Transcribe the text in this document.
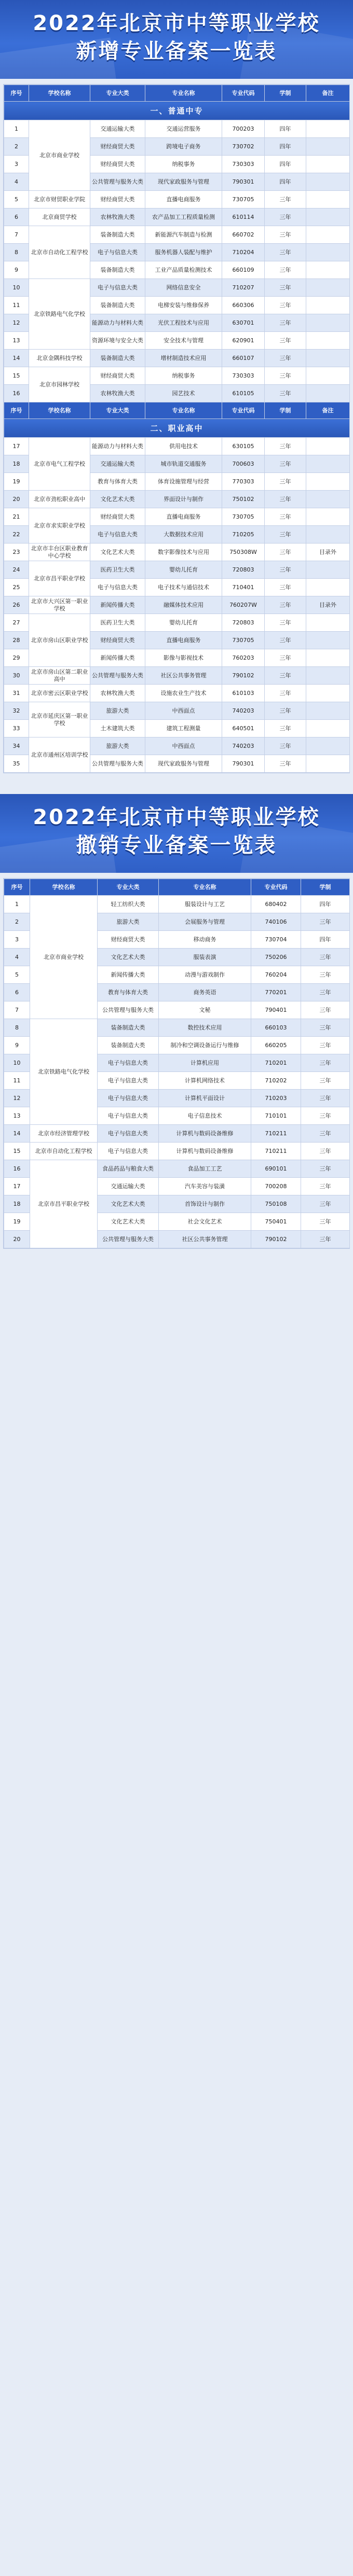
2022年北京市中等职业学校
新增专业备案一览表
序号	学校名称	专业大类	专业名称	专业代码	学制	备注
一、普通中专						
1	北京市商业学校	交通运输大类	交通运营服务	700203	四年	
2		财经商贸大类	跨境电子商务	730702	四年	
3		财经商贸大类	纳税事务	730303	四年	
4		公共管理与服务大类	现代家政服务与管理	790301	四年	
5	北京市财贸职业学院	财经商贸大类	直播电商服务	730705	三年	
6	北京商贸学校	农林牧渔大类	农产品加工工程质量检测	610114	三年	
7	北京市自动化工程学校	装备制造大类	新能源汽车制造与检测	660702	三年	
8		电子与信息大类	服务机器人装配与维护	710204	三年	
9		装备制造大类	工业产品质量检测技术	660109	三年	
10	北京铁路电气化学校	电子与信息大类	网络信息安全	710207	三年	
11		装备制造大类	电梯安装与维修保养	660306	三年	
12		能源动力与材料大类	光伏工程技术与应用	630701	三年	
13		资源环境与安全大类	安全技术与管理	620901	三年	
14	北京金隅科技学校	装备制造大类	增材制造技术应用	660107	三年	
15	北京市园林学校	财经商贸大类	纳税事务	730303	三年	
16		农林牧渔大类	园艺技术	610105	三年	
序号	学校名称	专业大类	专业名称	专业代码	学制	备注
二、职业高中						
17	北京市电气工程学校	能源动力与材料大类	供用电技术	630105	三年	
18		交通运输大类	城市轨道交通服务	700603	三年	
19		教育与体育大类	体育设施管理与经营	770303	三年	
20	北京市劲松职业高中	文化艺术大类	界面设计与制作	750102	三年	
21	北京市求实职业学校	财经商贸大类	直播电商服务	730705	三年	
22		电子与信息大类	大数据技术应用	710205	三年	
23	北京市丰台区职业教育中心学校	文化艺术大类	数字影像技术与应用	750308W	三年	目录外
24	北京市昌平职业学校	医药卫生大类	婴幼儿托育	720803	三年	
25		电子与信息大类	电子技术与通信技术	710401	三年	
26	北京市大兴区第一职业学校	新闻传播大类	融媒体技术应用	760207W	三年	目录外
27	北京市房山区职业学校	医药卫生大类	婴幼儿托育	720803	三年	
28		财经商贸大类	直播电商服务	730705	三年	
29		新闻传播大类	影像与影视技术	760203	三年	
30	北京市房山区第二职业高中	公共管理与服务大类	社区公共事务管理	790102	三年	
31	北京市密云区职业学校	农林牧渔大类	设施农业生产技术	610103	三年	
32	北京市延庆区第一职业学校	旅游大类	中西面点	740203	三年	
33		土木建筑大类	建筑工程测量	640501	三年	
34	北京市通州区培训学校	旅游大类	中西面点	740203	三年	
35		公共管理与服务大类	现代家政服务与管理	790301	三年	
2022年北京市中等职业学校
撤销专业备案一览表
序号	学校名称	专业大类	专业名称	专业代码	学制
1	北京市商业学校	轻工纺织大类	服装设计与工艺	680402	四年
2		旅游大类	会展服务与管理	740106	三年
3		财经商贸大类	移动商务	730704	四年
4		文化艺术大类	服装表演	750206	三年
5		新闻传播大类	动漫与游戏制作	760204	三年
6		教育与体育大类	商务英语	770201	三年
7		公共管理与服务大类	文秘	790401	三年
8	北京铁路电气化学校	装备制造大类	数控技术应用	660103	三年
9		装备制造大类	制冷和空调设备运行与维修	660205	三年
10		电子与信息大类	计算机应用	710201	三年
11		电子与信息大类	计算机网络技术	710202	三年
12		电子与信息大类	计算机平面设计	710203	三年
13		电子与信息大类	电子信息技术	710101	三年
14	北京市经济管理学校	电子与信息大类	计算机与数码设备维修	710211	三年
15	北京市自动化工程学校	电子与信息大类	计算机与数码设备维修	710211	三年
16	北京市昌平职业学校	食品药品与粮食大类	食品加工工艺	690101	三年
17		交通运输大类	汽车美容与装潢	700208	三年
18		文化艺术大类	首饰设计与制作	750108	三年
19		文化艺术大类	社会文化艺术	750401	三年
20		公共管理与服务大类	社区公共事务管理	790102	三年
